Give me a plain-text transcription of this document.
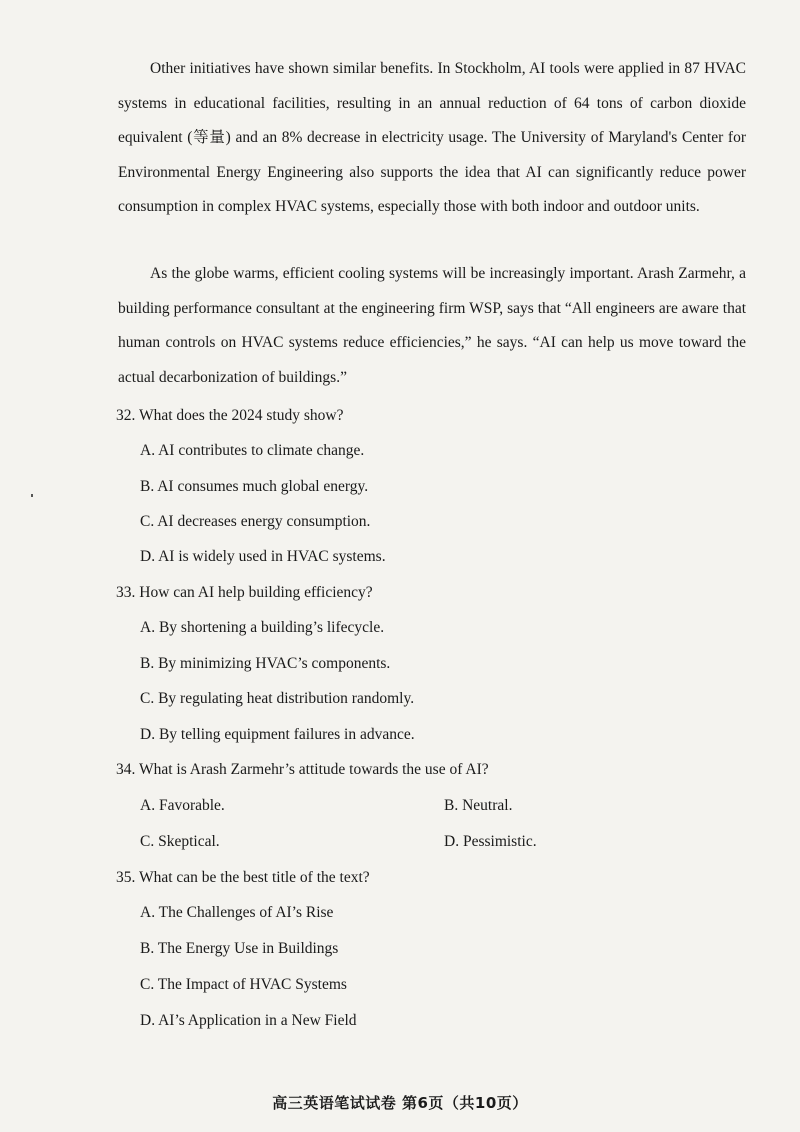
Other initiatives have shown similar benefits. In Stockholm, AI tools were applied in 87 HVAC systems in educational facilities, resulting in an annual reduction of 64 tons of carbon dioxide equivalent (等量) and an 8% decrease in electricity usage. The University of Maryland's Center for Environmental Energy Engineering also supports the idea that AI can significantly reduce power consumption in complex HVAC systems, especially those with both indoor and outdoor units.

As the globe warms, efficient cooling systems will be increasingly important. Arash Zarmehr, a building performance consultant at the engineering firm WSP, says that “All engineers are aware that human controls on HVAC systems reduce efficiencies,” he says. “AI can help us move toward the actual decarbonization of buildings.”

32. What does the 2024 study show?

A. AI contributes to climate change.

B. AI consumes much global energy.

C. AI decreases energy consumption.

D. AI is widely used in HVAC systems.

33. How can AI help building efficiency?

A. By shortening a building’s lifecycle.

B. By minimizing HVAC’s components.

C. By regulating heat distribution randomly.

D. By telling equipment failures in advance.

34. What is Arash Zarmehr’s attitude towards the use of AI?

A. Favorable.	B. Neutral.

C. Skeptical.	D. Pessimistic.

35. What can be the best title of the text?

A. The Challenges of AI’s Rise

B. The Energy Use in Buildings

C. The Impact of HVAC Systems

D. AI’s Application in a New Field

高三英语笔试试卷 第6页（共10页）
